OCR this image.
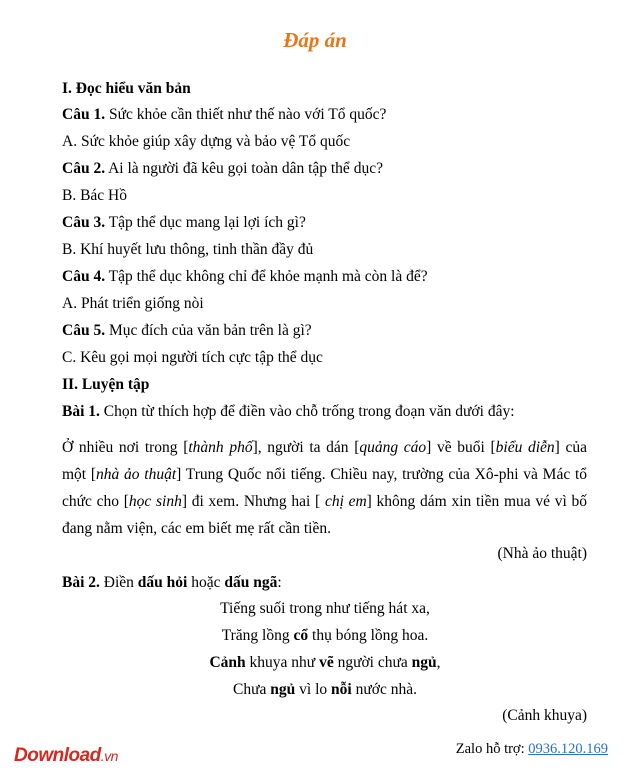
Đáp án
I. Đọc hiểu văn bản
Câu 1. Sức khỏe cần thiết như thế nào với Tổ quốc?
A. Sức khỏe giúp xây dựng và bảo vệ Tổ quốc
Câu 2. Ai là người đã kêu gọi toàn dân tập thể dục?
B. Bác Hồ
Câu 3. Tập thể dục mang lại lợi ích gì?
B. Khí huyết lưu thông, tinh thần đầy đủ
Câu 4. Tập thể dục không chỉ để khỏe mạnh mà còn là để?
A. Phát triển giống nòi
Câu 5. Mục đích của văn bản trên là gì?
C. Kêu gọi mọi người tích cực tập thể dục
II. Luyện tập
Bài 1. Chọn từ thích hợp để điền vào chỗ trống trong đoạn văn dưới đây:
Ở nhiều nơi trong [thành phố], người ta dán [quảng cáo] về buổi [biểu diễn] của một [nhà ảo thuật] Trung Quốc nổi tiếng. Chiều nay, trường của Xô-phi và Mác tổ chức cho [học sinh] đi xem. Nhưng hai [ chị em] không dám xin tiền mua vé vì bố đang nằm viện, các em biết mẹ rất cần tiền.
(Nhà ảo thuật)
Bài 2. Điền dấu hỏi hoặc dấu ngã:
Tiếng suối trong như tiếng hát xa,
Trăng lồng cổ thụ bóng lồng hoa.
Cảnh khuya như vẽ người chưa ngủ,
Chưa ngủ vì lo nỗi nước nhà.
(Cảnh khuya)
Download.vn	Zalo hỗ trợ: 0936.120.169
